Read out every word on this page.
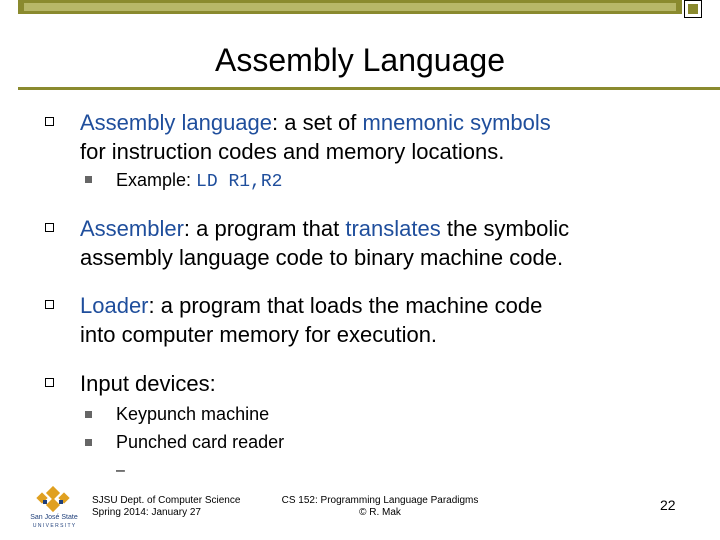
Assembly Language
Assembly language: a set of mnemonic symbols
for instruction codes and memory locations.
Example: LD R1,R2
Assembler: a program that translates the symbolic
assembly language code to binary machine code.
Loader: a program that loads the machine code
into computer memory for execution.
Input devices:
Keypunch machine
Punched card reader
–
San José State
U N I V E R S I T Y
SJSU Dept. of Computer Science
Spring 2014: January 27
CS 152: Programming Language Paradigms
© R. Mak	22
